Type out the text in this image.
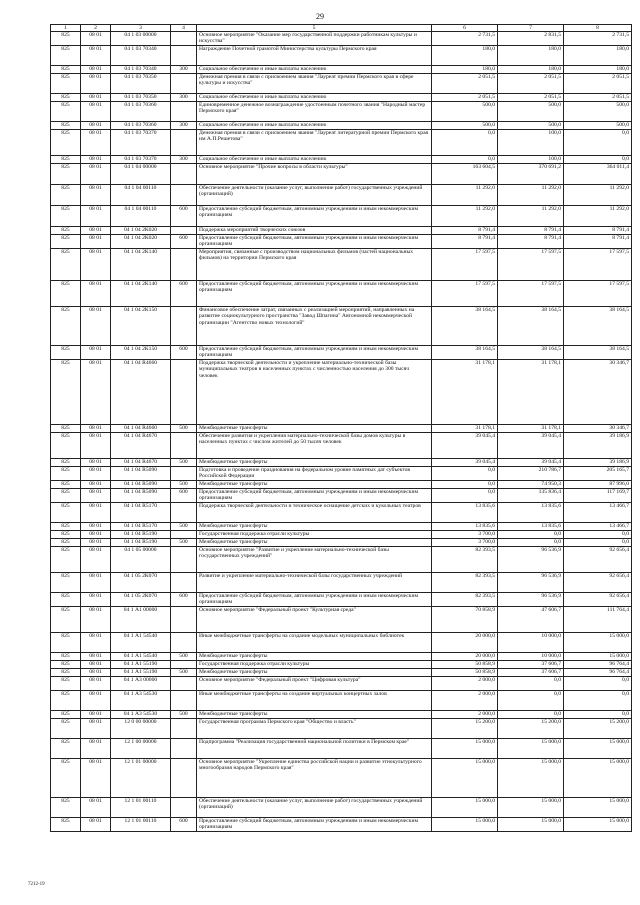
29
1	2	3	4	5	6	7	8
825	08 01	04 1 03 00000		Основное мероприятие "Оказание мер государственной поддержки работникам культуры и искусства"	2 731,5	2 831,5	2 731,5
825	08 01	04 1 03 70340		Награждение Почетной грамотой Министерства культуры Пермского края	180,0	180,0	180,0
825	08 01	04 1 03 70340	300	Социальное обеспечение и иные выплаты населению	180,0	180,0	180,0
825	08 01	04 1 03 70350		Денежная премия в связи с присвоением звания "Лауреат премии Пермского края в сфере культуры и искусства"	2 051,5	2 051,5	2 051,5
825	08 01	04 1 03 70350	300	Социальное обеспечение и иные выплаты населению	2 051,5	2 051,5	2 051,5
825	08 01	04 1 03 70360		Единовременное денежное вознаграждение удостоенным почетного звания "Народный мастер Пермского края"	500,0	500,0	500,0
825	08 01	04 1 03 70360	300	Социальное обеспечение и иные выплаты населению	500,0	500,0	500,0
825	08 01	04 1 03 70370		Денежная премия в связи с присвоением звания "Лауреат литературной премии Пермского края им А.П.Решетова"	0,0	100,0	0,0
825	08 01	04 1 03 70370	300	Социальное обеспечение и иные выплаты населению	0,0	100,0	0,0
825	08 01	04 1 04 00000		Основное мероприятие "Прочие вопросы в области культуры"	163 604,5	370 691,2	364 011,4
825	08 01	04 1 04 00110		Обеспечение деятельности (оказание услуг, выполнение работ) государственных учреждений (организаций)	11 292,0	11 292,0	11 292,0
825	08 01	04 1 04 00110	600	Предоставление субсидий бюджетным, автономным учреждениям и иным некоммерческим организациям	11 292,0	11 292,0	11 292,0
825	08 01	04 1 04 2К020		Поддержка мероприятий творческих союзов	8 791,4	8 791,4	8 791,4
825	08 01	04 1 04 2К020	600	Предоставление субсидий бюджетным, автономным учреждениям и иным некоммерческим организациям	8 791,4	8 791,4	8 791,4
825	08 01	04 1 04 2К140		Мероприятия, связанные с производством национальных фильмов (частей национальных фильмов) на территории Пермского края	17 597,5	17 597,5	17 597,5
825	08 01	04 1 04 2К140	600	Предоставление субсидий бюджетным, автономным учреждениям и иным некоммерческим организациям	17 597,5	17 597,5	17 597,5
825	08 01	04 1 04 2К150		Финансовое обеспечение затрат, связанных с реализацией мероприятий, направленных на развитие социокультурного пространства "Завод Шпагина" Автономной некоммерческой организации "Агентство новых технологий"	38 164,5	38 164,5	38 164,5
825	08 01	04 1 04 2К150	600	Предоставление субсидий бюджетным, автономным учреждениям и иным некоммерческим организациям	38 164,5	38 164,5	38 164,5
825	08 01	04 1 04 R4660		Поддержка творческой деятельности и укрепление материально-технической базы муниципальных театров в населенных пунктах с численностью населения до 300 тысяч человек	31 178,1	31 178,1	30 346,7
825	08 01	04 1 04 R4660	500	Межбюджетные трансферты	31 178,1	31 178,1	30 346,7
825	08 01	04 1 04 R4670		Обеспечение развития и укрепления материально-технической базы домов культуры в населенных пунктах с числом жителей до 50 тысяч человек	39 045,4	39 045,4	39 186,9
825	08 01	04 1 04 R4670	500	Межбюджетные трансферты	39 045,4	39 045,4	39 186,9
825	08 01	04 1 04 R5090		Подготовка и проведение празднования на федеральном уровне памятных дат субъектов Российской Федерации	0,0	210 786,7	205 165,7
825	08 01	04 1 04 R5090	500	Межбюджетные трансферты	0,0	74 950,3	87 996,0
825	08 01	04 1 04 R5090	600	Предоставление субсидий бюджетным, автономным учреждениям и иным некоммерческим организациям	0,0	135 836,4	117 169,7
825	08 01	04 1 04 R5170		Поддержка творческой деятельности и техническое оснащение детских и кукольных театров	13 835,6	13 835,6	13 466,7
825	08 01	04 1 04 R5170	500	Межбюджетные трансферты	13 835,6	13 835,6	13 466,7
825	08 01	04 1 04 R5190		Государственная поддержка отрасли культуры	3 700,0	0,0	0,0
825	08 01	04 1 04 R5190	500	Межбюджетные трансферты	3 700,0	0,0	0,0
825	08 01	04 1 05 00000		Основное мероприятие "Развитие и укрепление материально-технической базы государственных учреждений"	82 393,5	96 536,9	92 656,4
825	08 01	04 1 05 2К070		Развитие и укрепление материально-технической базы государственных учреждений	82 393,5	96 536,9	92 656,4
825	08 01	04 1 05 2К070	600	Предоставление субсидий бюджетным, автономным учреждениям и иным некоммерческим организациям	82 393,5	96 536,9	92 656,4
825	08 01	04 1 А1 00000		Основное мероприятие "Федеральный проект "Культурная среда"	70 858,9	47 606,7	111 764,4
825	08 01	04 1 А1 54540		Иные межбюджетные трансферты на создание модельных муниципальных библиотек	20 000,0	10 000,0	15 000,0
825	08 01	04 1 А1 54540	500	Межбюджетные трансферты	20 000,0	10 000,0	15 000,0
825	08 01	04 1 А1 55190		Государственная поддержка отрасли культуры	50 858,9	37 606,7	96 764,4
825	08 01	04 1 А1 55190	500	Межбюджетные трансферты	50 858,9	37 606,7	96 764,4
825	08 01	04 1 А3 00000		Основное мероприятие "Федеральный проект "Цифровая культура"	2 000,0	0,0	0,0
825	08 01	04 1 А3 54530		Иные межбюджетные трансферты на создание виртуальных концертных залов	2 000,0	0,0	0,0
825	08 01	04 1 А3 54530	500	Межбюджетные трансферты	2 000,0	0,0	0,0
825	08 01	12 0 00 00000		Государственная программа Пермского края "Общество и власть"	15 200,0	15 200,0	15 200,0
825	08 01	12 1 00 00000		Подпрограмма "Реализация государственной национальной политики в Пермском крае"	15 000,0	15 000,0	15 000,0
825	08 01	12 1 01 00000		Основное мероприятие "Укрепление единства российской нации и развитие этнокультурного многообразия народов Пермского края"	15 000,0	15 000,0	15 000,0
825	08 01	12 1 01 00110		Обеспечение деятельности (оказание услуг, выполнение работ) государственных учреждений (организаций)	15 000,0	15 000,0	15 000,0
825	08 01	12 1 01 00110	600	Предоставление субсидий бюджетным, автономным учреждениям и иным некоммерческим организациям	15 000,0	15 000,0	15 000,0
7212-19
